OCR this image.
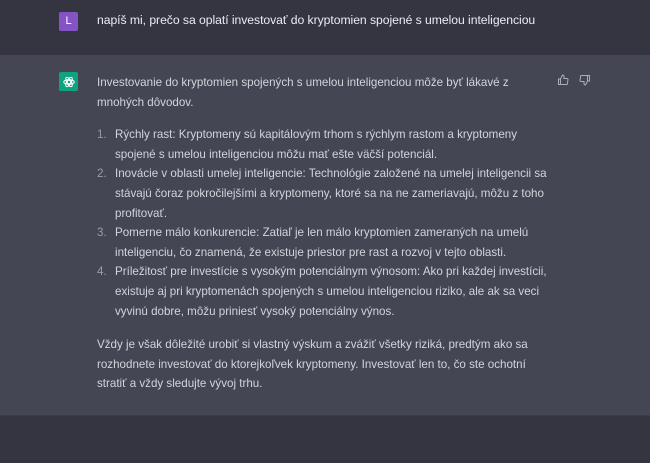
L	napíš mi, prečo sa oplatí investovať do kryptomien spojené s umelou inteligenciou

Investovanie do kryptomien spojených s umelou inteligenciou môže byť lákavé z mnohých dôvodov.

1. Rýchly rast: Kryptomeny sú kapitálovým trhom s rýchlym rastom a kryptomeny spojené s umelou inteligenciou môžu mať ešte väčší potenciál.
2. Inovácie v oblasti umelej inteligencie: Technológie založené na umelej inteligencii sa stávajú čoraz pokročilejšími a kryptomeny, ktoré sa na ne zameriavajú, môžu z toho profitovať.
3. Pomerne málo konkurencie: Zatiaľ je len málo kryptomien zameraných na umelú inteligenciu, čo znamená, že existuje priestor pre rast a rozvoj v tejto oblasti.
4. Príležitosť pre investície s vysokým potenciálnym výnosom: Ako pri každej investícii, existuje aj pri kryptomenách spojených s umelou inteligenciou riziko, ale ak sa veci vyvinú dobre, môžu priniesť vysoký potenciálny výnos.

Vždy je však dôležité urobiť si vlastný výskum a zvážiť všetky riziká, predtým ako sa rozhodnete investovať do ktorejkoľvek kryptomeny. Investovať len to, čo ste ochotní stratiť a vždy sledujte vývoj trhu.
